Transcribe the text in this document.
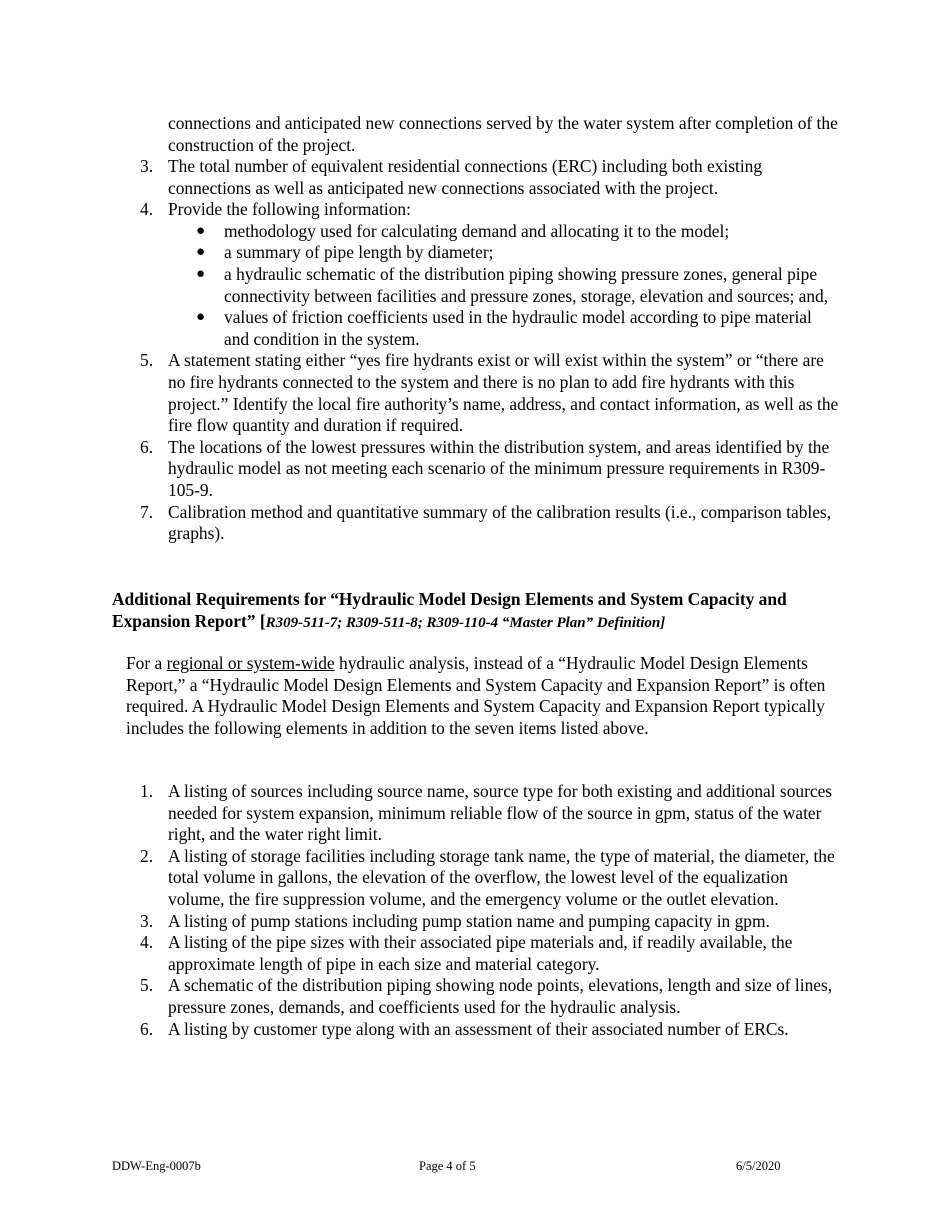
connections and anticipated new connections served by the water system after completion of the construction of the project.
3. The total number of equivalent residential connections (ERC) including both existing connections as well as anticipated new connections associated with the project.
4. Provide the following information:
● methodology used for calculating demand and allocating it to the model;
● a summary of pipe length by diameter;
● a hydraulic schematic of the distribution piping showing pressure zones, general pipe connectivity between facilities and pressure zones, storage, elevation and sources; and,
● values of friction coefficients used in the hydraulic model according to pipe material and condition in the system.
5. A statement stating either “yes fire hydrants exist or will exist within the system” or “there are no fire hydrants connected to the system and there is no plan to add fire hydrants with this project.” Identify the local fire authority’s name, address, and contact information, as well as the fire flow quantity and duration if required.
6. The locations of the lowest pressures within the distribution system, and areas identified by the hydraulic model as not meeting each scenario of the minimum pressure requirements in R309-105-9.
7. Calibration method and quantitative summary of the calibration results (i.e., comparison tables, graphs).
Additional Requirements for “Hydraulic Model Design Elements and System Capacity and Expansion Report” [R309-511-7; R309-511-8; R309-110-4 “Master Plan” Definition]
For a regional or system-wide hydraulic analysis, instead of a “Hydraulic Model Design Elements Report,” a “Hydraulic Model Design Elements and System Capacity and Expansion Report” is often required. A Hydraulic Model Design Elements and System Capacity and Expansion Report typically includes the following elements in addition to the seven items listed above.
1. A listing of sources including source name, source type for both existing and additional sources needed for system expansion, minimum reliable flow of the source in gpm, status of the water right, and the water right limit.
2. A listing of storage facilities including storage tank name, the type of material, the diameter, the total volume in gallons, the elevation of the overflow, the lowest level of the equalization volume, the fire suppression volume, and the emergency volume or the outlet elevation.
3. A listing of pump stations including pump station name and pumping capacity in gpm.
4. A listing of the pipe sizes with their associated pipe materials and, if readily available, the approximate length of pipe in each size and material category.
5. A schematic of the distribution piping showing node points, elevations, length and size of lines, pressure zones, demands, and coefficients used for the hydraulic analysis.
6. A listing by customer type along with an assessment of their associated number of ERCs.
DDW-Eng-0007b	Page 4 of 5	6/5/2020
